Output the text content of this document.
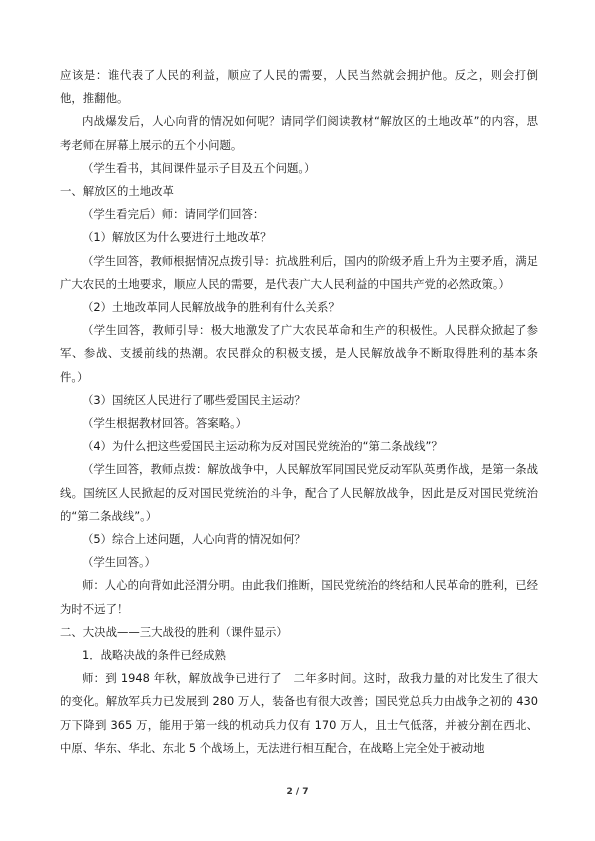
应该是：谁代表了人民的利益，顺应了人民的需要，人民当然就会拥护他。反之，则会打倒他，推翻他。

内战爆发后，人心向背的情况如何呢？请同学们阅读教材“解放区的土地改革”的内容，思考老师在屏幕上展示的五个小问题。

（学生看书，其间课件显示子目及五个问题。）

一、解放区的土地改革

（学生看完后）师：请同学们回答：

（1）解放区为什么要进行土地改革？

（学生回答，教师根据情况点拨引导：抗战胜利后，国内的阶级矛盾上升为主要矛盾，满足广大农民的土地要求，顺应人民的需要，是代表广大人民利益的中国共产党的必然政策。）

（2）土地改革同人民解放战争的胜利有什么关系？

（学生回答，教师引导：极大地激发了广大农民革命和生产的积极性。人民群众掀起了参军、参战、支援前线的热潮。农民群众的积极支援，是人民解放战争不断取得胜利的基本条件。）

（3）国统区人民进行了哪些爱国民主运动？

（学生根据教材回答。答案略。）

（4）为什么把这些爱国民主运动称为反对国民党统治的“第二条战线”？

（学生回答，教师点拨：解放战争中，人民解放军同国民党反动军队英勇作战，是第一条战线。国统区人民掀起的反对国民党统治的斗争，配合了人民解放战争，因此是反对国民党统治的“第二条战线”。）

（5）综合上述问题，人心向背的情况如何？

（学生回答。）

师：人心的向背如此泾渭分明。由此我们推断，国民党统治的终结和人民革命的胜利，已经为时不远了！

二、大决战——三大战役的胜利（课件显示）

1．战略决战的条件已经成熟

师：到 1948 年秋，解放战争已进行了　二年多时间。这时，敌我力量的对比发生了很大的变化。解放军兵力已发展到 280 万人，装备也有很大改善；国民党总兵力由战争之初的 430 万下降到 365 万，能用于第一线的机动兵力仅有 170 万人，且士气低落，并被分割在西北、中原、华东、华北、东北 5 个战场上，无法进行相互配合，在战略上完全处于被动地

2 / 7
